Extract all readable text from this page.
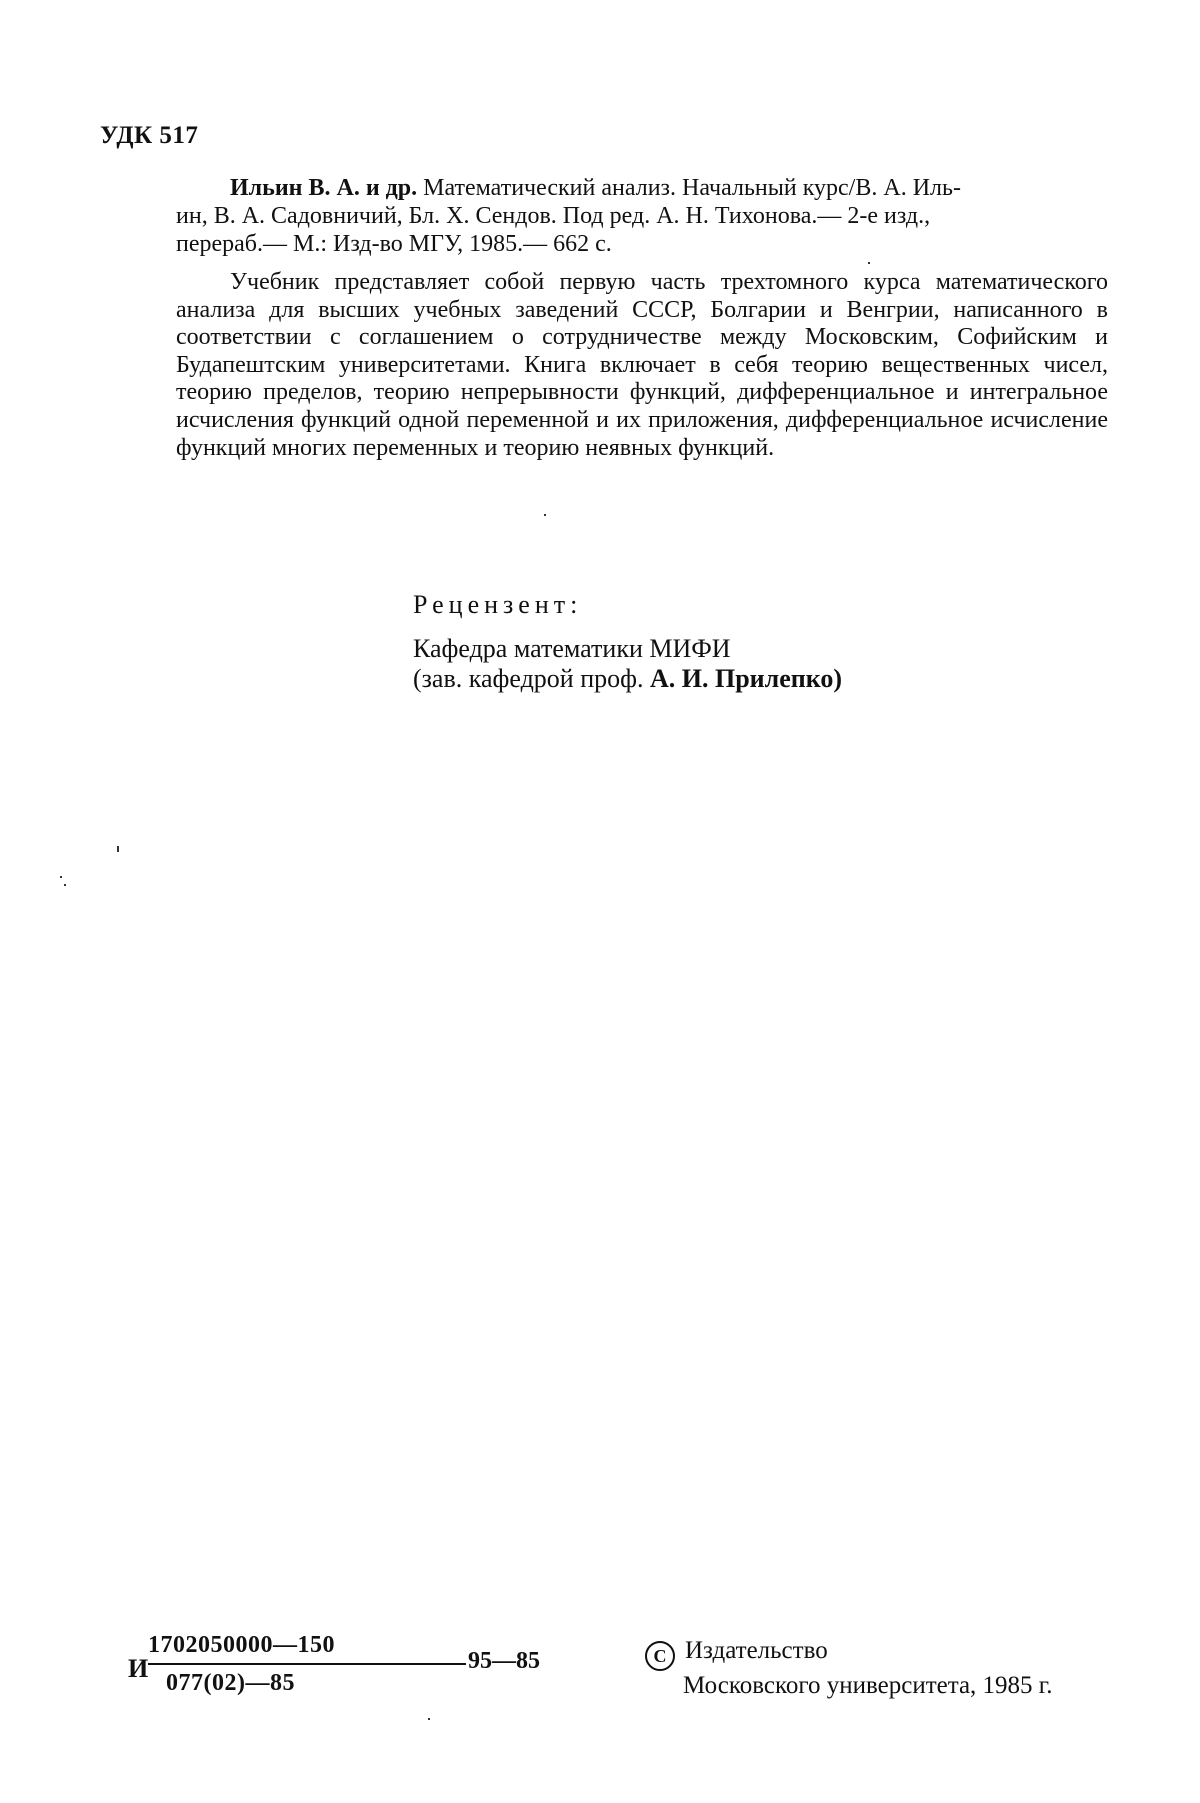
УДК 517
Ильин В. А. и др. Математический анализ. Начальный курс/В. А. Иль-
ин, В. А. Садовничий, Бл. Х. Сендов. Под ред. А. Н. Тихонова.— 2-е изд.,
перераб.— М.: Изд-во МГУ, 1985.— 662 с.
Учебник представляет собой первую часть трехтомного курса математического анализа для высших учебных заведений СССР, Болгарии и Венгрии, написанного в соответствии с соглашением о сотрудничестве между Московским, Софийским и Будапештским университетами. Книга включает в себя теорию вещественных чисел, теорию пределов, теорию непрерывности функций, дифференциальное и интегральное исчисления функций одной переменной и их приложения, дифференциальное исчисление функций многих переменных и теорию неявных функций.
Рецензент:
Кафедра математики МИФИ
(зав. кафедрой проф. А. И. Прилепко)
И
1702050000—150
077(02)—85
95—85	C Издательство
Московского университета, 1985 г.
